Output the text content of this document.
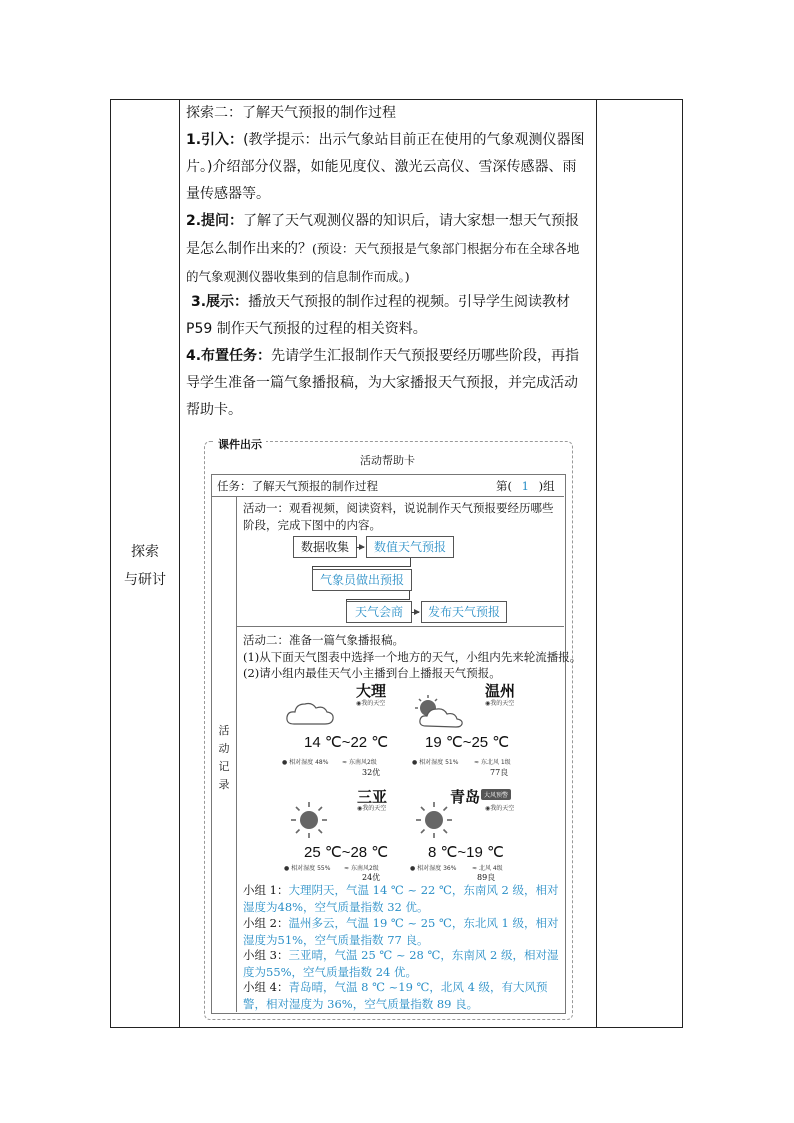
探索
与研讨
探索二：了解天气预报的制作过程

1.引入：(教学提示：出示气象站目前正在使用的气象观测仪器图片。)介绍部分仪器，如能见度仪、激光云高仪、雪深传感器、雨量传感器等。

2.提问：了解了天气观测仪器的知识后，请大家想一想天气预报是怎么制作出来的？(预设：天气预报是气象部门根据分布在全球各地的气象观测仪器收集到的信息制作而成。)

3.展示：播放天气预报的制作过程的视频。引导学生阅读教材 P59 制作天气预报的过程的相关资料。

4.布置任务：先请学生汇报制作天气预报要经历哪些阶段，再指导学生准备一篇气象播报稿，为大家播报天气预报，并完成活动帮助卡。

课件出示
活动帮助卡
任务：了解天气预报的制作过程	第( 1 )组
活动记录
活动一：观看视频，阅读资料，说说制作天气预报要经历哪些阶段，完成下图中的内容。
数据收集	数值天气预报
气象员做出预报
天气会商	发布天气预报
活动二：准备一篇气象播报稿。
(1)从下面天气图表中选择一个地方的天气，小组内先来轮流播报。
(2)请小组内最佳天气小主播到台上播报天气预报。
大理
◉我的天空
14 ℃~22 ℃
● 相对湿度 48% ≈ 东南风2级
32优
温州
◉我的天空
19 ℃~25 ℃
● 相对湿度 51%	≈ 东北风 1级
77良
三亚
◉我的天空
25 ℃~28 ℃
● 相对湿度 55% ≈ 东南风2级
24优
青岛 大风预警
◉我的天空
8 ℃~19 ℃
● 相对湿度 36%	≈ 北风 4级
89良
小组 1：大理阴天，气温 14 ℃ ~ 22 ℃，东南风 2 级，相对湿度为48%，空气质量指数 32 优。
小组 2：温州多云，气温 19 ℃ ~ 25 ℃，东北风 1 级，相对湿度为51%，空气质量指数 77 良。
小组 3：三亚晴，气温 25 ℃ ~ 28 ℃，东南风 2 级，相对湿度为55%，空气质量指数 24 优。
小组 4：青岛晴，气温 8 ℃ ~19 ℃，北风 4 级，有大风预警，相对湿度为 36%，空气质量指数 89 良。
